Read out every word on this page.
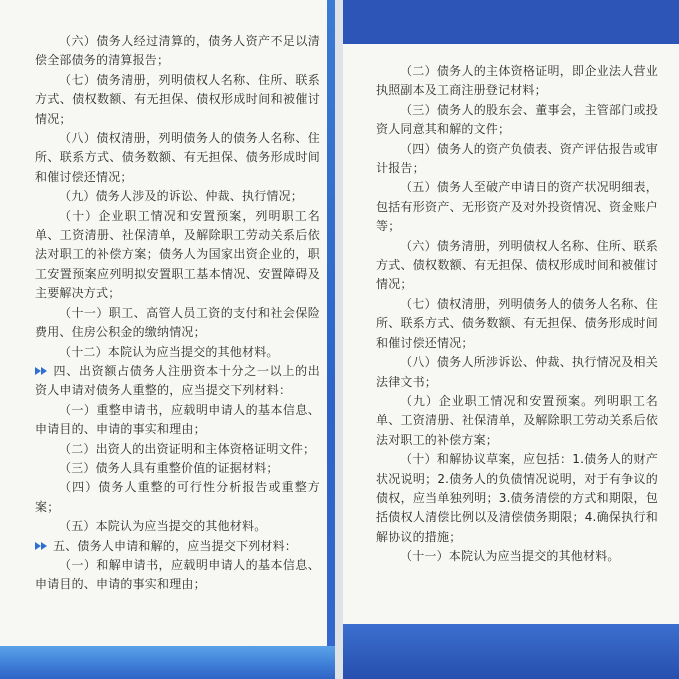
（六）债务人经过清算的，债务人资产不足以清偿全部债务的清算报告；
（七）债务清册，列明债权人名称、住所、联系方式、债权数额、有无担保、债权形成时间和被催讨情况；
（八）债权清册，列明债务人的债务人名称、住所、联系方式、债务数额、有无担保、债务形成时间和催讨偿还情况；
（九）债务人涉及的诉讼、仲裁、执行情况；
（十）企业职工情况和安置预案，列明职工名单、工资清册、社保清单，及解除职工劳动关系后依法对职工的补偿方案；债务人为国家出资企业的，职工安置预案应列明拟安置职工基本情况、安置障碍及主要解决方式；
（十一）职工、高管人员工资的支付和社会保险费用、住房公积金的缴纳情况；
（十二）本院认为应当提交的其他材料。
四、出资额占债务人注册资本十分之一以上的出资人申请对债务人重整的，应当提交下列材料：
（一）重整申请书，应载明申请人的基本信息、申请目的、申请的事实和理由；
（二）出资人的出资证明和主体资格证明文件；
（三）债务人具有重整价值的证据材料；
（四）债务人重整的可行性分析报告或重整方案；
（五）本院认为应当提交的其他材料。
五、债务人申请和解的，应当提交下列材料：
（一）和解申请书，应载明申请人的基本信息、申请目的、申请的事实和理由；
（二）债务人的主体资格证明，即企业法人营业执照副本及工商注册登记材料；
（三）债务人的股东会、董事会，主管部门或投资人同意其和解的文件；
（四）债务人的资产负债表、资产评估报告或审计报告；
（五）债务人至破产申请日的资产状况明细表，包括有形资产、无形资产及对外投资情况、资金账户等；
（六）债务清册，列明债权人名称、住所、联系方式、债权数额、有无担保、债权形成时间和被催讨情况；
（七）债权清册，列明债务人的债务人名称、住所、联系方式、债务数额、有无担保、债务形成时间和催讨偿还情况；
（八）债务人所涉诉讼、仲裁、执行情况及相关法律文书；
（九）企业职工情况和安置预案。列明职工名单、工资清册、社保清单，及解除职工劳动关系后依法对职工的补偿方案；
（十）和解协议草案，应包括：1.债务人的财产状况说明；2.债务人的负债情况说明，对于有争议的债权，应当单独列明；3.债务清偿的方式和期限，包括债权人清偿比例以及清偿债务期限；4.确保执行和解协议的措施；
（十一）本院认为应当提交的其他材料。
